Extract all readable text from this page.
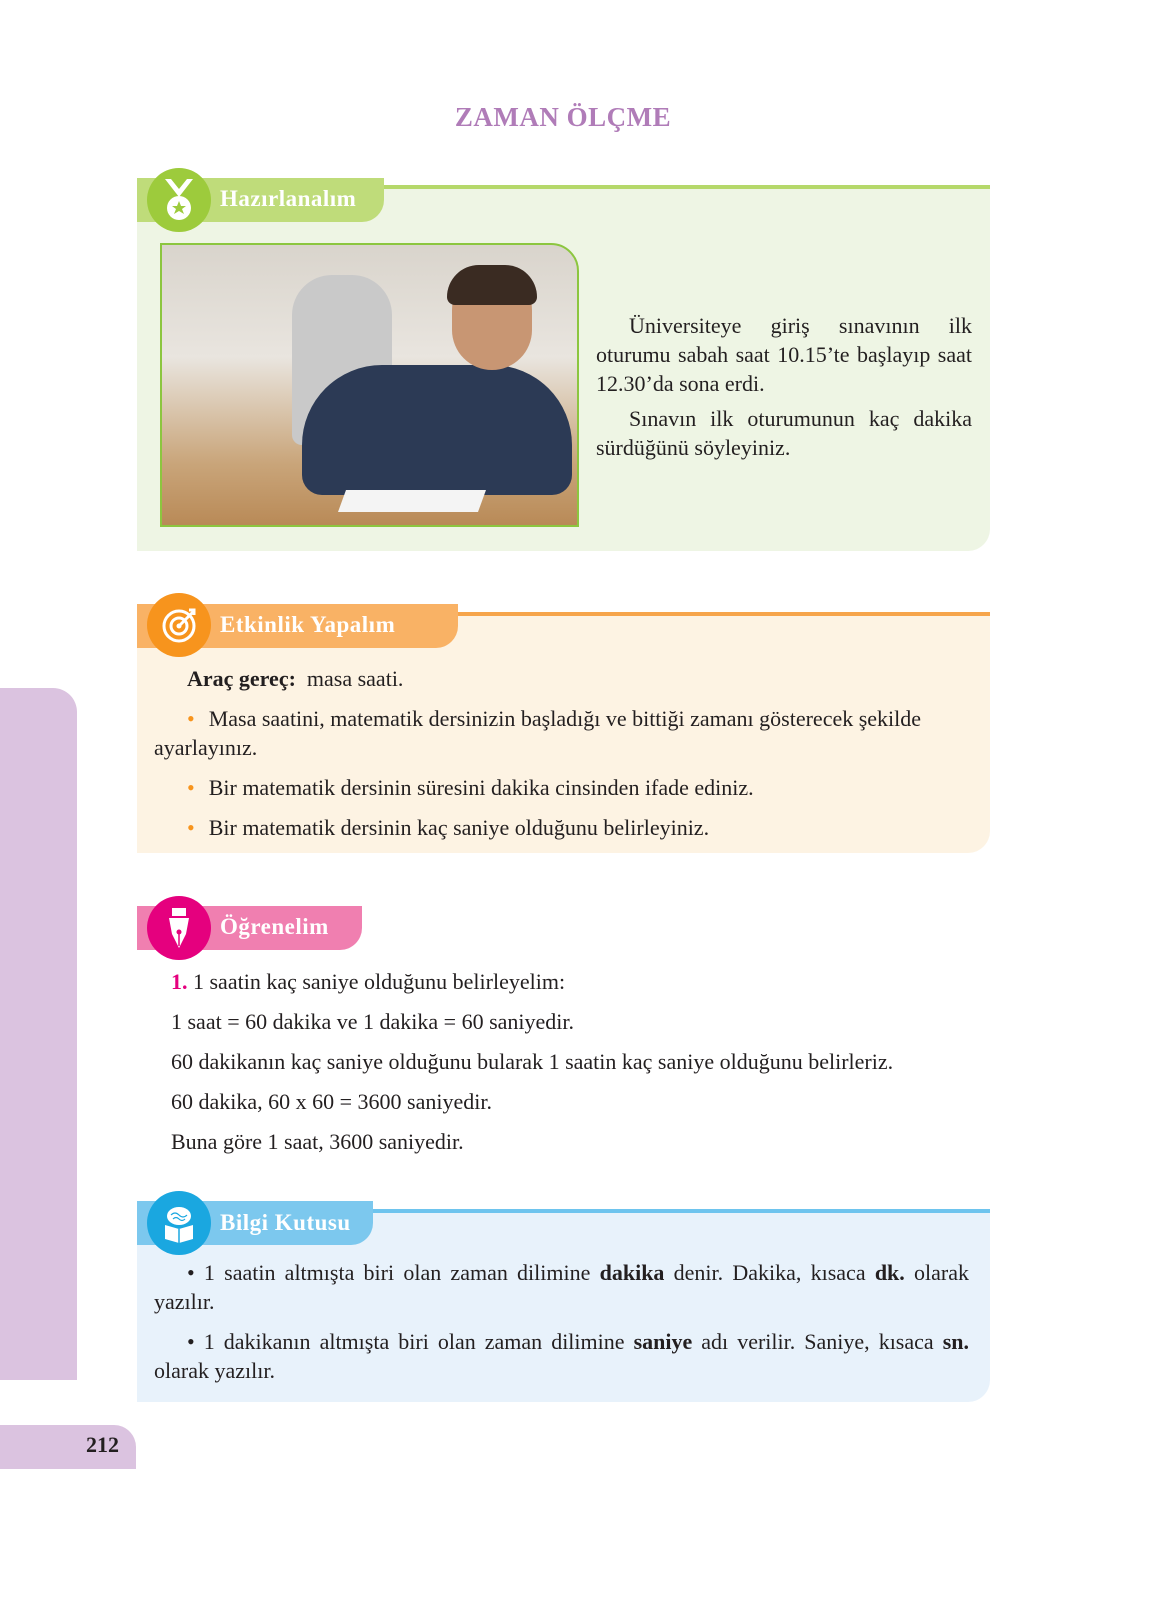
ZAMAN ÖLÇME
Hazırlanalım
Üniversiteye giriş sınavının ilk oturumu sabah saat 10.15’te başlayıp saat 12.30’da sona erdi.
Sınavın ilk oturumunun kaç dakika sürdüğünü söyleyiniz.
Etkinlik Yapalım
Araç gereç: masa saati.
• Masa saatini, matematik dersinizin başladığı ve bittiği zamanı gösterecek şekilde ayarlayınız.
• Bir matematik dersinin süresini dakika cinsinden ifade ediniz.
• Bir matematik dersinin kaç saniye olduğunu belirleyiniz.
Öğrenelim
1. 1 saatin kaç saniye olduğunu belirleyelim:
1 saat = 60 dakika ve 1 dakika = 60 saniyedir.
60 dakikanın kaç saniye olduğunu bularak 1 saatin kaç saniye olduğunu belirleriz.
60 dakika, 60 x 60 = 3600 saniyedir.
Buna göre 1 saat, 3600 saniyedir.
Bilgi Kutusu
• 1 saatin altmışta biri olan zaman dilimine dakika denir. Dakika, kısaca dk. olarak yazılır.
• 1 dakikanın altmışta biri olan zaman dilimine saniye adı verilir. Saniye, kısaca sn. olarak yazılır.
212
